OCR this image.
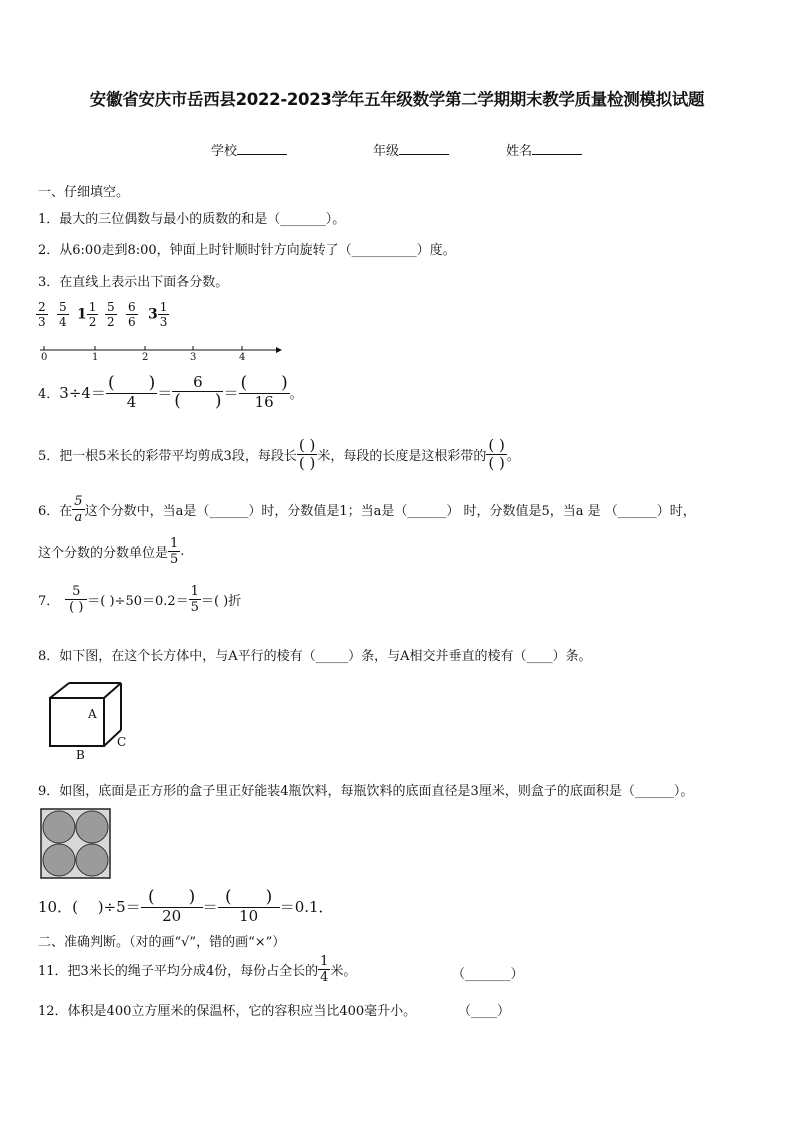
安徽省安庆市岳西县2022-2023学年五年级数学第二学期期末教学质量检测模拟试题
学校	年级	姓名
一、仔细填空。
1．最大的三位偶数与最小的质数的和是（_______）。
2．从6:00走到8:00，钟面上时针顺时针方向旋转了（__________）度。
3．在直线上表示出下面各分数。
$\frac{2}{3} \frac{5}{4} 1 \frac{1}{2} \frac{5}{2} \frac{6}{6} 3 \frac{1}{3}$
0	1	2	3	4
4． $3\div 4= \frac{( )}{4} = \frac{6}{( )} = \frac{( )}{16}$ 。
5．把一根5米长的彩带平均剪成3段，每段长 $\frac{( )}{( )}$ 米，每段的长度是这根彩带的 $\frac{( )}{( )}$ 。
6．在 $\frac{5}{a}$ 这个分数中，当a是（______）时，分数值是1；当a是（______） 时，分数值是5，当a 是 （______）时，
这个分数的分数单位是 $\frac{1}{5}$ .
7． $\frac{5}{( )}$ ＝( )$\div 50=0.2= \frac{1}{5}$ ＝( )折
8．如下图，在这个长方体中，与A平行的棱有（_____）条，与A相交并垂直的棱有（____）条。
A
B
C
9．如图，底面是正方形的盒子里正好能装4瓶饮料，每瓶饮料的底面直径是3厘米，则盒子的底面积是（______）。
10．(　 )$\div 5= \frac{( )}{20} = \frac{( )}{10} =0.1$．
二、准确判断。（对的画“√”，错的画“×”）
11．把3米长的绳子平均分成4份，每份占全长的 $\frac{1}{4}$ 米。	（_______）
12．体积是400立方厘米的保温杯，它的容积应当比400毫升小。	（____）
